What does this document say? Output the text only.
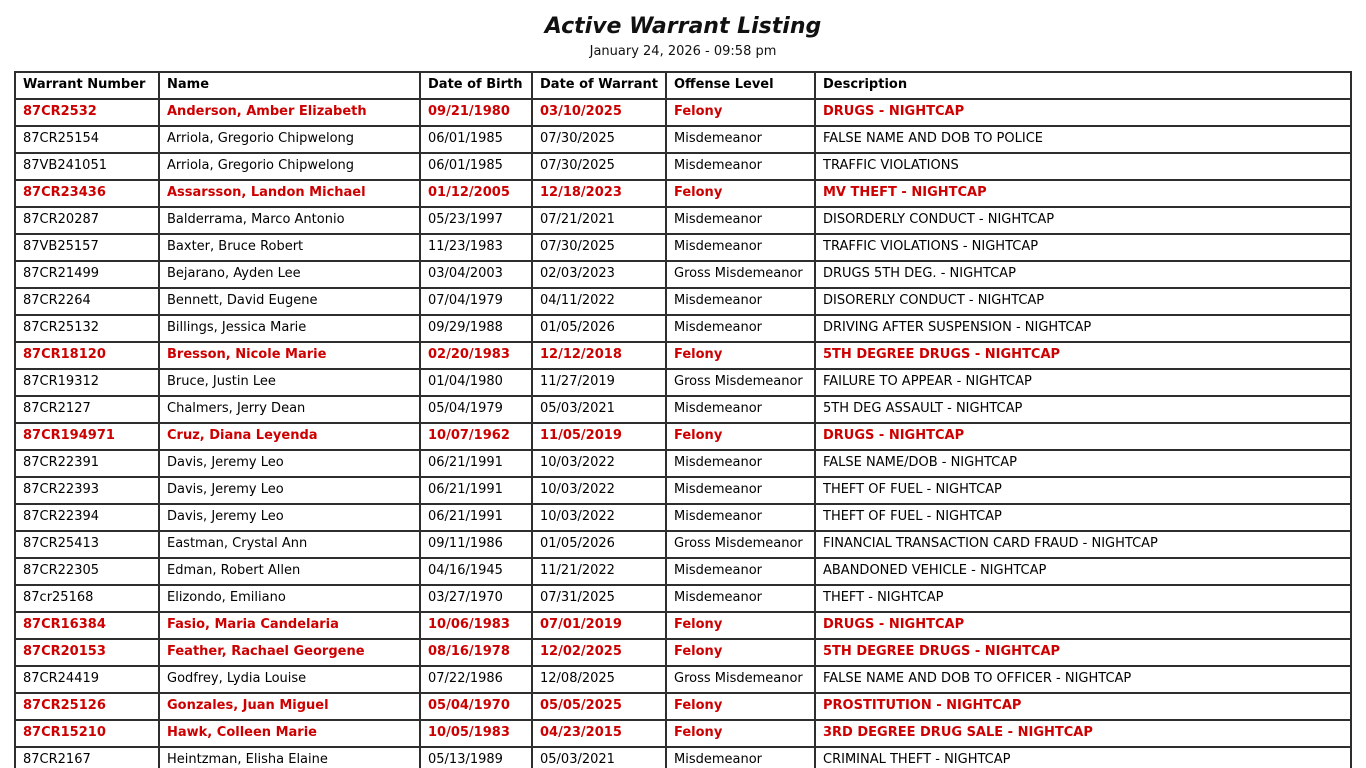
Active Warrant Listing
January 24, 2026 - 09:58 pm
Warrant Number	Name	Date of Birth	Date of Warrant	Offense Level	Description
87CR2532	Anderson, Amber Elizabeth	09/21/1980	03/10/2025	Felony	DRUGS - NIGHTCAP
87CR25154	Arriola, Gregorio Chipwelong	06/01/1985	07/30/2025	Misdemeanor	FALSE NAME AND DOB TO POLICE
87VB241051	Arriola, Gregorio Chipwelong	06/01/1985	07/30/2025	Misdemeanor	TRAFFIC VIOLATIONS
87CR23436	Assarsson, Landon Michael	01/12/2005	12/18/2023	Felony	MV THEFT - NIGHTCAP
87CR20287	Balderrama, Marco Antonio	05/23/1997	07/21/2021	Misdemeanor	DISORDERLY CONDUCT - NIGHTCAP
87VB25157	Baxter, Bruce Robert	11/23/1983	07/30/2025	Misdemeanor	TRAFFIC VIOLATIONS - NIGHTCAP
87CR21499	Bejarano, Ayden Lee	03/04/2003	02/03/2023	Gross Misdemeanor	DRUGS 5TH DEG. - NIGHTCAP
87CR2264	Bennett, David Eugene	07/04/1979	04/11/2022	Misdemeanor	DISORERLY CONDUCT - NIGHTCAP
87CR25132	Billings, Jessica Marie	09/29/1988	01/05/2026	Misdemeanor	DRIVING AFTER SUSPENSION - NIGHTCAP
87CR18120	Bresson, Nicole Marie	02/20/1983	12/12/2018	Felony	5TH DEGREE DRUGS - NIGHTCAP
87CR19312	Bruce, Justin Lee	01/04/1980	11/27/2019	Gross Misdemeanor	FAILURE TO APPEAR - NIGHTCAP
87CR2127	Chalmers, Jerry Dean	05/04/1979	05/03/2021	Misdemeanor	5TH DEG ASSAULT - NIGHTCAP
87CR194971	Cruz, Diana Leyenda	10/07/1962	11/05/2019	Felony	DRUGS - NIGHTCAP
87CR22391	Davis, Jeremy Leo	06/21/1991	10/03/2022	Misdemeanor	FALSE NAME/DOB - NIGHTCAP
87CR22393	Davis, Jeremy Leo	06/21/1991	10/03/2022	Misdemeanor	THEFT OF FUEL - NIGHTCAP
87CR22394	Davis, Jeremy Leo	06/21/1991	10/03/2022	Misdemeanor	THEFT OF FUEL - NIGHTCAP
87CR25413	Eastman, Crystal Ann	09/11/1986	01/05/2026	Gross Misdemeanor	FINANCIAL TRANSACTION CARD FRAUD - NIGHTCAP
87CR22305	Edman, Robert Allen	04/16/1945	11/21/2022	Misdemeanor	ABANDONED VEHICLE - NIGHTCAP
87cr25168	Elizondo, Emiliano	03/27/1970	07/31/2025	Misdemeanor	THEFT - NIGHTCAP
87CR16384	Fasio, Maria Candelaria	10/06/1983	07/01/2019	Felony	DRUGS - NIGHTCAP
87CR20153	Feather, Rachael Georgene	08/16/1978	12/02/2025	Felony	5TH DEGREE DRUGS - NIGHTCAP
87CR24419	Godfrey, Lydia Louise	07/22/1986	12/08/2025	Gross Misdemeanor	FALSE NAME AND DOB TO OFFICER - NIGHTCAP
87CR25126	Gonzales, Juan Miguel	05/04/1970	05/05/2025	Felony	PROSTITUTION - NIGHTCAP
87CR15210	Hawk, Colleen Marie	10/05/1983	04/23/2015	Felony	3RD DEGREE DRUG SALE - NIGHTCAP
87CR2167	Heintzman, Elisha Elaine	05/13/1989	05/03/2021	Misdemeanor	CRIMINAL THEFT - NIGHTCAP
